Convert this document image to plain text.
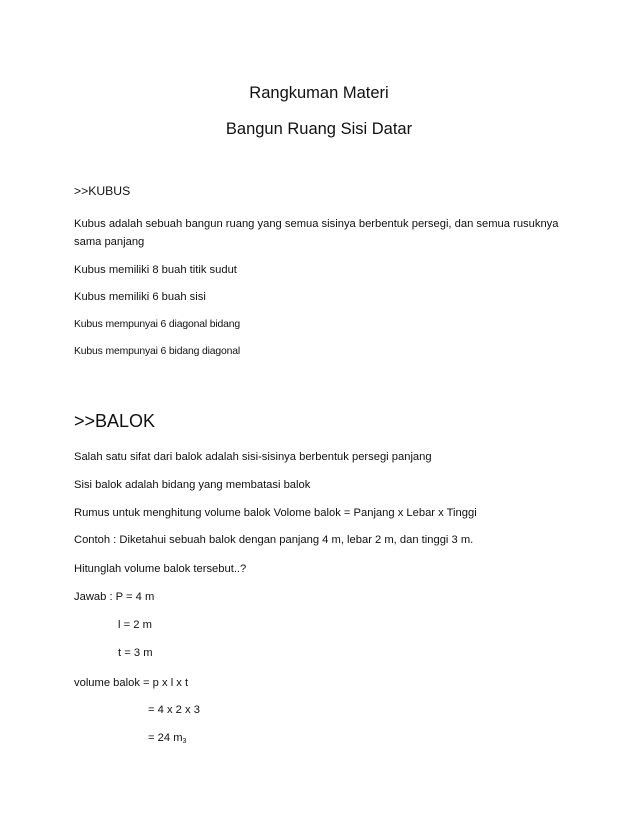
Rangkuman Materi
Bangun Ruang Sisi Datar
>>KUBUS
Kubus adalah sebuah bangun ruang yang semua sisinya berbentuk persegi, dan semua rusuknya
sama panjang
Kubus memiliki 8 buah titik sudut
Kubus memiliki 6 buah sisi
Kubus mempunyai 6 diagonal bidang
Kubus mempunyai 6 bidang diagonal
>>BALOK
Salah satu sifat dari balok adalah sisi-sisinya berbentuk persegi panjang
Sisi balok adalah bidang yang membatasi balok
Rumus untuk menghitung volume balok Volome balok = Panjang x Lebar x Tinggi
Contoh : Diketahui sebuah balok dengan panjang 4 m, lebar 2 m, dan tinggi 3 m.
Hitunglah volume balok tersebut..?
Jawab : P = 4 m
l = 2 m
t = 3 m
volume balok = p x l x t
= 4 x 2 x 3
= 24 $m_3$
